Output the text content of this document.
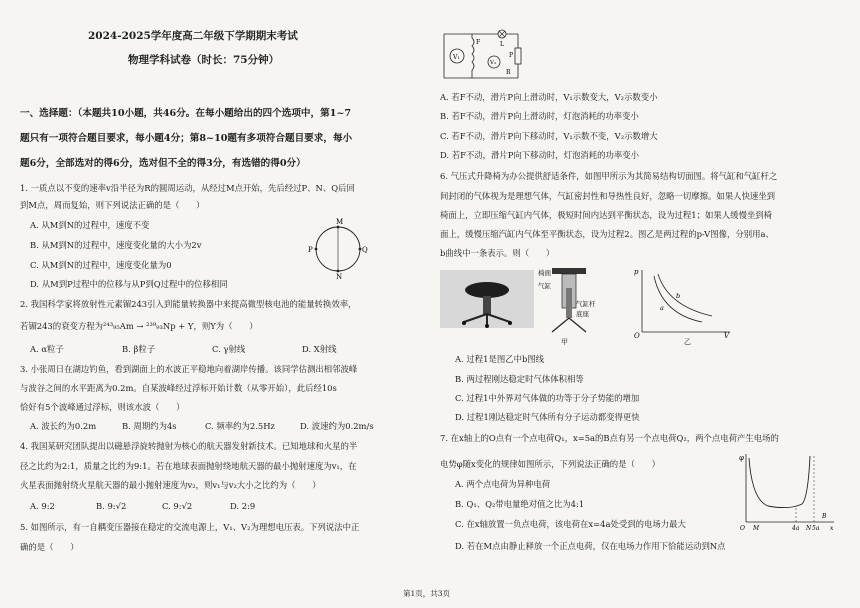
2024-2025学年度高二年级下学期期末考试
物理学科试卷（时长：75分钟）
一、选择题：（本题共10小题，共46分。在每小题给出的四个选项中，第1~7
题只有一项符合题目要求，每小题4分；第8~10题有多项符合题目要求，每小
题6分，全部选对的得6分，选对但不全的得3分，有选错的得0分）
1. 一质点以不变的速率v沿半径为R的圆周运动，从经过M点开始，先后经过P、N、Q后回
到M点，周而复始，则下列说法正确的是（　　）
A. 从M到N的过程中，速度不变
B. 从M到N的过程中，速度变化量的大小为2v
C. 从M到N的过程中，速度变化量为0
D. 从M到P过程中的位移与从P到Q过程中的位移相同
M
P	Q
N
2. 我国科学家将放射性元素镅243引入到能量转换器中来提高微型核电池的能量转换效率，
若镅243的衰变方程为²⁴³₉₅Am → ²³⁹₉₃Np + Y，则Y为（　　）
A. α粒子	B. β粒子	C. γ射线	D. X射线
3. 小张周日在湖边钓鱼，看到湖面上的水波正平稳地向着湖岸传播。该同学估测出相邻波峰
与波谷之间的水平距离为0.2m。自某波峰经过浮标开始计数（从零开始），此后经10s
恰好有5个波峰通过浮标，则该水波（　　）
A. 波长约为0.2m	B. 周期约为4s	C. 频率约为2.5Hz	D. 波速约为0.2m/s
4. 我国某研究团队提出以磁悬浮旋转抛射为核心的航天器发射新技术。已知地球和火星的半
径之比约为2:1，质量之比约为9:1。若在地球表面抛射绕地航天器的最小抛射速度为v₁，在
火星表面抛射绕火星航天器的最小抛射速度为v₂，则v₁与v₂大小之比约为（　　）
A. 9:2	B. 9:√2	C. 9:√2	D. 2:9
5. 如图所示，有一自耦变压器接在稳定的交流电源上，V₁、V₂为理想电压表。下列说法中正
确的是（　　）
V₁
F	L
P
V₂
R
A. 若F不动，滑片P向上滑动时，V₁示数变大，V₂示数变小
B. 若F不动，滑片P向上滑动时，灯泡消耗的功率变小
C. 若F不动，滑片P向下移动时，V₁示数不变，V₂示数增大
D. 若F不动，滑片P向下移动时，灯泡消耗的功率变小
6. 气压式升降椅为办公提供舒适条件，如图甲所示为其简易结构切面图。将气缸和气缸杆之
间封闭的气体视为是理想气体，气缸密封性和导热性良好，忽略一切摩擦。如果人快速坐到
椅面上，立即压缩气缸内气体，极短时间内达到平衡状态，设为过程1；如果人缓慢坐到椅
面上，缓慢压缩汽缸内气体至平衡状态，设为过程2。图乙是两过程的p-V图像，分别用a、
b曲线中一条表示。则（　　）
椅面
气缸
气缸杆
底座
甲
p
O	V
a
b
乙
A. 过程1是图乙中b图线
B. 两过程刚达稳定时气体体积相等
C. 过程1中外界对气体做的功等于分子势能的增加
D. 过程1刚达稳定时气体所有分子运动都变得更快
7. 在x轴上的O点有一个点电荷Q₁，x=5a的B点有另一个点电荷Q₂，两个点电荷产生电场的
电势φ随x变化的规律如图所示，下列说法正确的是（　　）
A. 两个点电荷为异种电荷
B. Q₁、Q₂带电量绝对值之比为4:1
C. 在x轴放置一负点电荷，该电荷在x=4a处受到的电场力最大
D. 若在M点由静止释放一个正点电荷，仅在电场力作用下恰能运动到N点
φ
O M	4a N 5a
B
x
第1页，共3页
